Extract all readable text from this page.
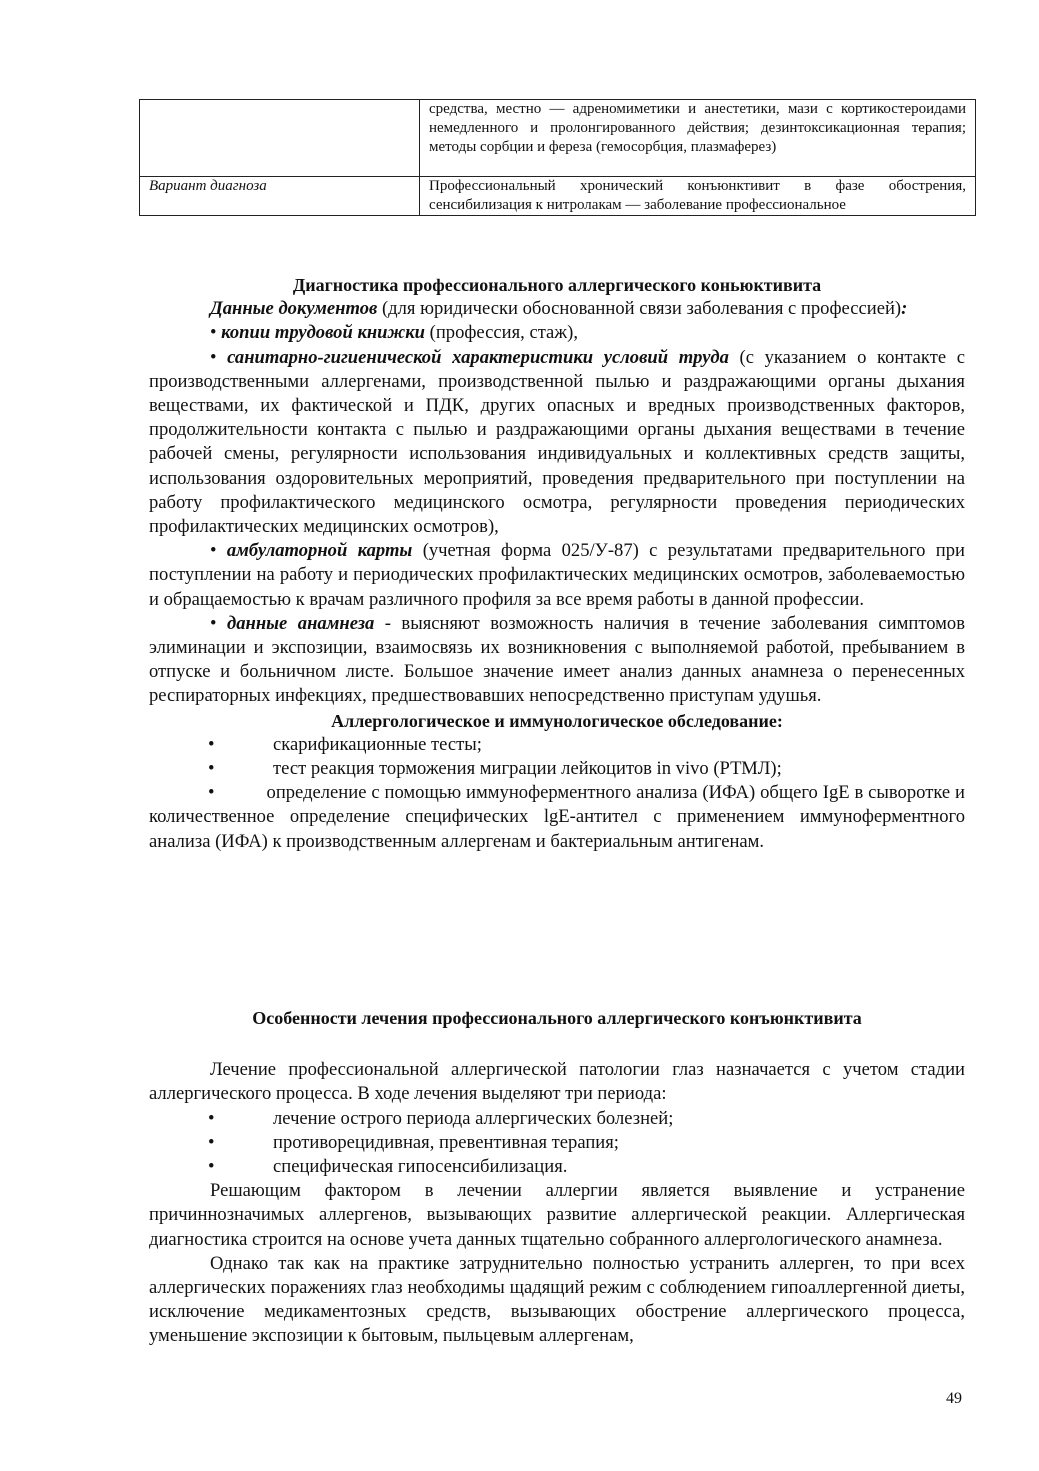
	средства, местно — адреномиметики и анестетики, мази с кортикостероидами немедленного и пролонгированного действия; дезинтоксикационная терапия; методы сорбции и фереза (гемосорбция, плазмаферез)
Вариант диагноза	Профессиональный хронический конъюнктивит в фазе обострения, сенсибилизация к нитролакам — заболевание профессиональное

Диагностика профессионального аллергического коньюктивита

Данные документов (для юридически обоснованной связи заболевания с профессией):

• копии трудовой книжки (профессия, стаж),

• санитарно-гигиенической характеристики условий труда (с указанием о контакте с производственными аллергенами, производственной пылью и раздражающими органы дыхания веществами, их фактической и ПДК, других опасных и вредных производственных факторов, продолжительности контакта с пылью и раздражающими органы дыхания веществами в течение рабочей смены, регулярности использования индивидуальных и коллективных средств защиты, использования оздоровительных мероприятий, проведения предварительного при поступлении на работу профилактического медицинского осмотра, регулярности проведения периодических профилактических медицинских осмотров),

• амбулаторной карты (учетная форма 025/У-87) с результатами предварительного при поступлении на работу и периодических профилактических медицинских осмотров, заболеваемостью и обращаемостью к врачам различного профиля за все время работы в данной профессии.

• данные анамнеза - выясняют возможность наличия в течение заболевания симптомов элиминации и экспозиции, взаимосвязь их возникновения с выполняемой работой, пребыванием в отпуске и больничном листе. Большое значение имеет анализ данных анамнеза о перенесенных респираторных инфекциях, предшествовавших непосредственно приступам удушья.

Аллергологическое и иммунологическое обследование:

•	скарификационные тесты;

•	тест реакция торможения миграции лейкоцитов in vivo (РТМЛ);

•	определение с помощью иммуноферментного анализа (ИФА) общего IgE в сыворотке и количественное определение специфических lgE-антител с применением иммуноферментного анализа (ИФА) к производственным аллергенам и бактериальным антигенам.

Особенности лечения профессионального аллергического конъюнктивита

Лечение профессиональной аллергической патологии глаз назначается с учетом стадии аллергического процесса. В ходе лечения выделяют три периода:

•	лечение острого периода аллергических болезней;

•	противорецидивная, превентивная терапия;

•	специфическая гипосенсибилизация.

Решающим фактором в лечении аллергии является выявление и устранение причиннозначимых аллергенов, вызывающих развитие аллергической реакции. Аллергическая диагностика строится на основе учета данных тщательно собранного аллергологического анамнеза.

Однако так как на практике затруднительно полностью устранить аллерген, то при всех аллергических поражениях глаз необходимы щадящий режим с соблюдением гипоаллергенной диеты, исключение медикаментозных средств, вызывающих обострение аллергического процесса, уменьшение экспозиции к бытовым, пыльцевым аллергенам,

49
